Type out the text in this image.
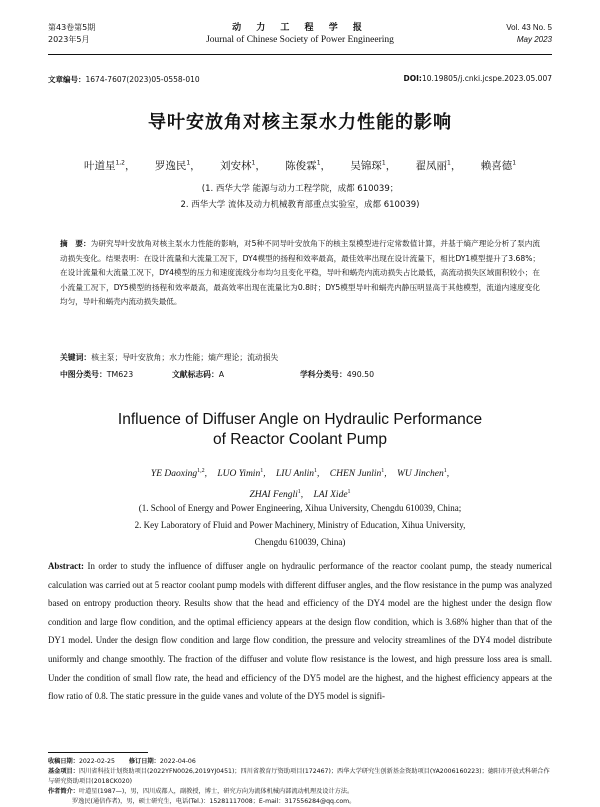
第43卷第5期
2023年5月
动 力 工 程 学 报
Journal of Chinese Society of Power Engineering
Vol. 43 No. 5
May 2023
文章编号：1674-7607(2023)05-0558-010	DOI:10.19805/j.cnki.jcspe.2023.05.007
导叶安放角对核主泵水力性能的影响
叶道星$^{1,2}$， 罗逸民$^1$， 刘安林$^1$， 陈俊霖$^1$， 吴锦琛$^1$， 翟凤丽$^1$， 赖喜德$^1$
(1. 西华大学 能源与动力工程学院，成都 610039；
2. 西华大学 流体及动力机械教育部重点实验室，成都 610039)
摘　要：为研究导叶安放角对核主泵水力性能的影响，对5种不同导叶安放角下的核主泵模型进行定常数值计算，并基于熵产理论分析了泵内流动损失变化。结果表明：在设计流量和大流量工况下，DY4模型的扬程和效率最高，最佳效率出现在设计流量下，相比DY1模型提升了3.68%；在设计流量和大流量工况下，DY4模型的压力和速度流线分布均匀且变化平稳，导叶和蜗壳内流动损失占比最低，高流动损失区域面积较小；在小流量工况下，DY5模型的扬程和效率最高，最高效率出现在流量比为0.8时；DY5模型导叶和蜗壳内静压明显高于其他模型，流道内速度变化均匀，导叶和蜗壳内流动损失最低。
关键词：核主泵；导叶安放角；水力性能；熵产理论；流动损失
中图分类号：TM623	文献标志码：A	学科分类号：490.50
Influence of Diffuser Angle on Hydraulic Performance
of Reactor Coolant Pump
YE Daoxing$^{1,2}$, LUO Yimin$^1$, LIU Anlin$^1$, CHEN Junlin$^1$, WU Jinchen$^1$,
ZHAI Fengli$^1$, LAI Xide$^1$
(1. School of Energy and Power Engineering, Xihua University, Chengdu 610039, China;
2. Key Laboratory of Fluid and Power Machinery, Ministry of Education, Xihua University,
Chengdu 610039, China)
Abstract: In order to study the influence of diffuser angle on hydraulic performance of the reactor coolant pump, the steady numerical calculation was carried out at 5 reactor coolant pump models with different diffuser angles, and the flow resistance in the pump was analyzed based on entropy production theory. Results show that the head and efficiency of the DY4 model are the highest under the design flow condition and large flow condition, and the optimal efficiency appears at the design flow condition, which is 3.68% higher than that of the DY1 model. Under the design flow condition and large flow condition, the pressure and velocity streamlines of the DY4 model distribute uniformly and change smoothly. The fraction of the diffuser and volute flow resistance is the lowest, and high pressure loss area is small. Under the condition of small flow rate, the head and efficiency of the DY5 model are the highest, and the highest efficiency appears at the flow ratio of 0.8. The static pressure in the guide vanes and volute of the DY5 model is signifi-
收稿日期：2022-02-25 修订日期：2022-04-06
基金项目：四川省科技计划资助项目(2022YFN0026,2019YJ0451)；四川省教育厅资助项目(172467)；西华大学研究生创新基金资助项目(YA2006160223)；德阳市开放式科研合作与研究资助项目(2018CK020)
作者简介：叶道星(1987—)，男，四川成都人，副教授，博士，研究方向为流体机械内部流动机理及设计方法。
罗逸民(通信作者)，男，硕士研究生，电话(Tel.)：15281117008；E-mail：317556284@qq.com。
